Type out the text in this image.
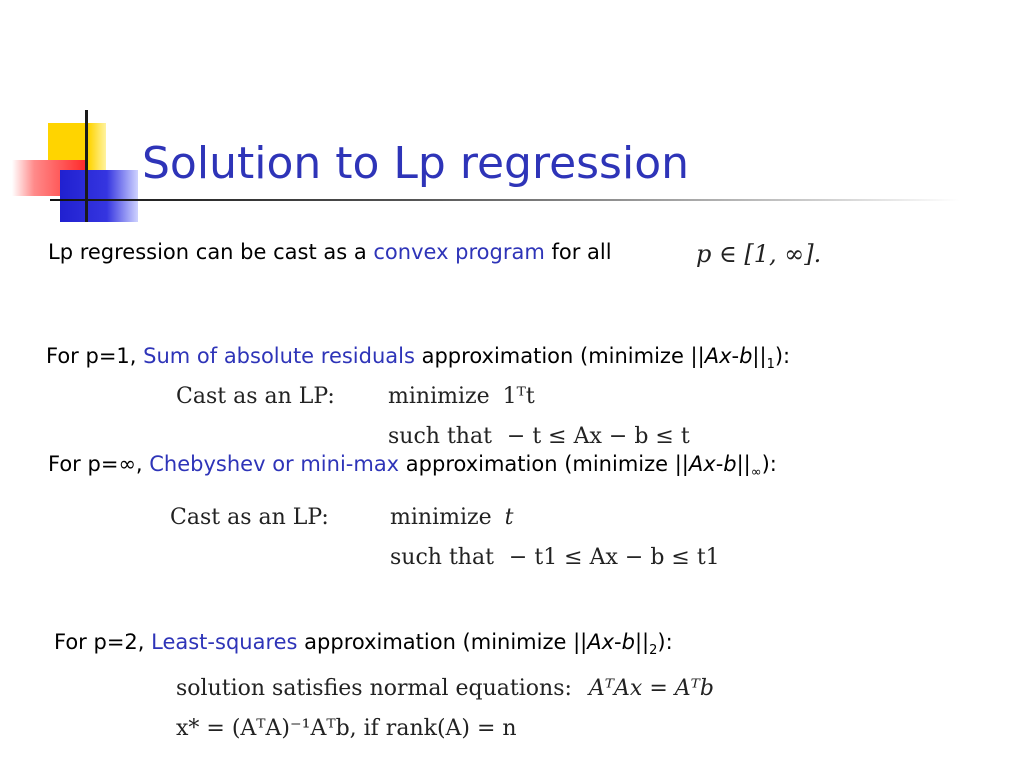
Solution to Lp regression
Lp regression can be cast as a convex program for all	p ∈ [1, ∞].
For p=1, Sum of absolute residuals approximation (minimize $||Ax-b||_1$):
Cast as an LP: minimize 1ᵀt
such that − t ≤ Ax − b ≤ t
For p=∞, Chebyshev or mini-max approximation (minimize $||Ax-b||_\infty$):
Cast as an LP:	minimize t
such that − t1 ≤ Ax − b ≤ t1
For p=2, Least-squares approximation (minimize $||Ax-b||_2$):
solution satisfies normal equations: AᵀAx = Aᵀb
x* = (AᵀA)⁻¹Aᵀb, if rank(A) = n
